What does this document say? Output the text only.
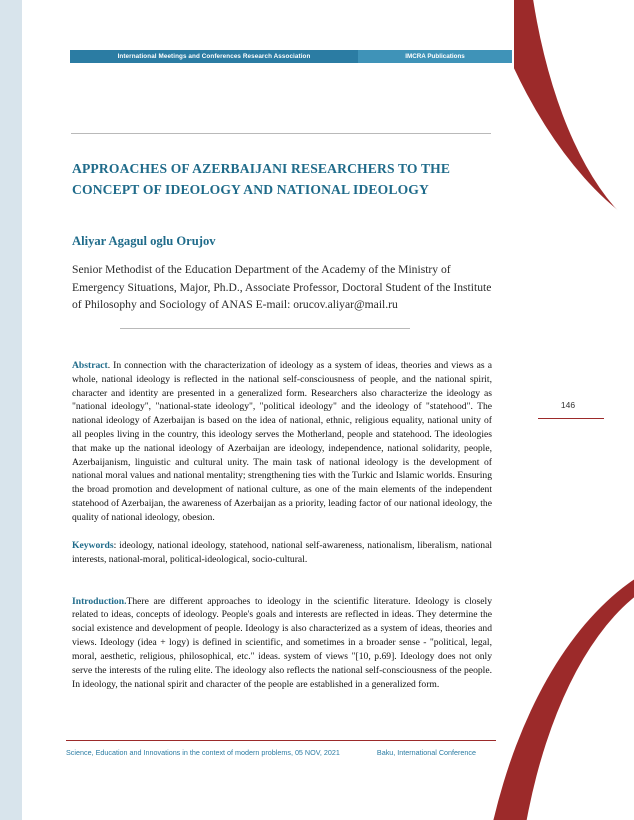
International Meetings and Conferences Research Association	IMCRA Publications
APPROACHES OF AZERBAIJANI RESEARCHERS TO THE CONCEPT OF IDEOLOGY AND NATIONAL IDEOLOGY
Aliyar Agagul oglu Orujov
Senior Methodist of the Education Department of the Academy of the Ministry of Emergency Situations, Major, Ph.D., Associate Professor, Doctoral Student of the Institute of Philosophy and Sociology of ANAS E-mail: orucov.aliyar@mail.ru
Abstract. In connection with the characterization of ideology as a system of ideas, theories and views as a whole, national ideology is reflected in the national self-consciousness of people, and the national spirit, character and identity are presented in a generalized form. Researchers also characterize the ideology as "national ideology", "national-state ideology", "political ideology" and the ideology of "statehood". The national ideology of Azerbaijan is based on the idea of national, ethnic, religious equality, national unity of all peoples living in the country, this ideology serves the Motherland, people and statehood. The ideologies that make up the national ideology of Azerbaijan are ideology, independence, national solidarity, people, Azerbaijanism, linguistic and cultural unity. The main task of national ideology is the development of national moral values and national mentality; strengthening ties with the Turkic and Islamic worlds. Ensuring the broad promotion and development of national culture, as one of the main elements of the independent statehood of Azerbaijan, the awareness of Azerbaijan as a priority, leading factor of our national ideology, the quality of national ideology, obesion.
Keywords: ideology, national ideology, statehood, national self-awareness, nationalism, liberalism, national interests, national-moral, political-ideological, socio-cultural.
Introduction.There are different approaches to ideology in the scientific literature. Ideology is closely related to ideas, concepts of ideology. People's goals and interests are reflected in ideas. They determine the social existence and development of people. Ideology is also characterized as a system of ideas, theories and views. Ideology (idea + logy) is defined in scientific, and sometimes in a broader sense - "political, legal, moral, aesthetic, religious, philosophical, etc." ideas. system of views "[10, p.69]. Ideology does not only serve the interests of the ruling elite. The ideology also reflects the national self-consciousness of the people. In ideology, the national spirit and character of the people are established in a generalized form.
146
Science, Education and Innovations in the context of modern problems, 05 NOV, 2021	Baku, International Conference
